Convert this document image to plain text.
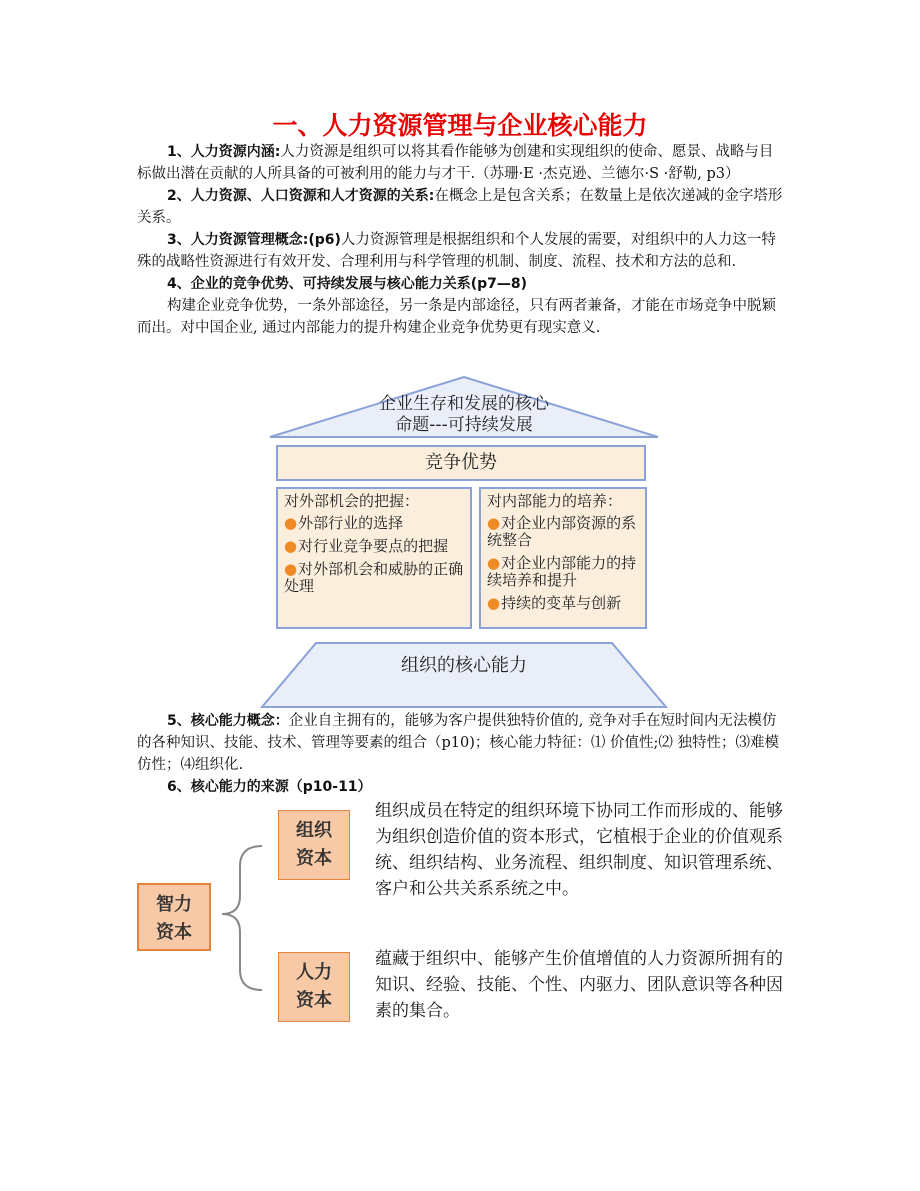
一、人力资源管理与企业核心能力

1、人力资源内涵:人力资源是组织可以将其看作能够为创建和实现组织的使命、愿景、战略与目标做出潜在贡献的人所具备的可被利用的能力与才干.（苏珊·E ·杰克逊、兰德尔·S ·舒勒, p3）

2、人力资源、人口资源和人才资源的关系:在概念上是包含关系；在数量上是依次递减的金字塔形关系。

3、人力资源管理概念:(p6)人力资源管理是根据组织和个人发展的需要，对组织中的人力这一特殊的战略性资源进行有效开发、合理利用与科学管理的机制、制度、流程、技术和方法的总和.

4、企业的竞争优势、可持续发展与核心能力关系(p7—8)

构建企业竞争优势，一条外部途径，另一条是内部途径，只有两者兼备，才能在市场竞争中脱颖而出。对中国企业, 通过内部能力的提升构建企业竞争优势更有现实意义.

企业生存和发展的核心
命题---可持续发展
竞争优势
对外部机会的把握：
●外部行业的选择
●对行业竞争要点的把握
●对外部机会和威胁的正确处理
对内部能力的培养：
●对企业内部资源的系统整合
●对企业内部能力的持续培养和提升
●持续的变革与创新
组织的核心能力

5、核心能力概念：企业自主拥有的，能够为客户提供独特价值的, 竞争对手在短时间内无法模仿的各种知识、技能、技术、管理等要素的组合（p10)；核心能力特征：⑴ 价值性;⑵ 独特性；⑶难模仿性；⑷组织化.

6、核心能力的来源（p10-11）

智力资本
组织资本
人力资本
组织成员在特定的组织环境下协同工作而形成的、能够为组织创造价值的资本形式，它植根于企业的价值观系统、组织结构、业务流程、组织制度、知识管理系统、客户和公共关系系统之中。
蕴藏于组织中、能够产生价值增值的人力资源所拥有的知识、经验、技能、个性、内驱力、团队意识等各种因素的集合。
